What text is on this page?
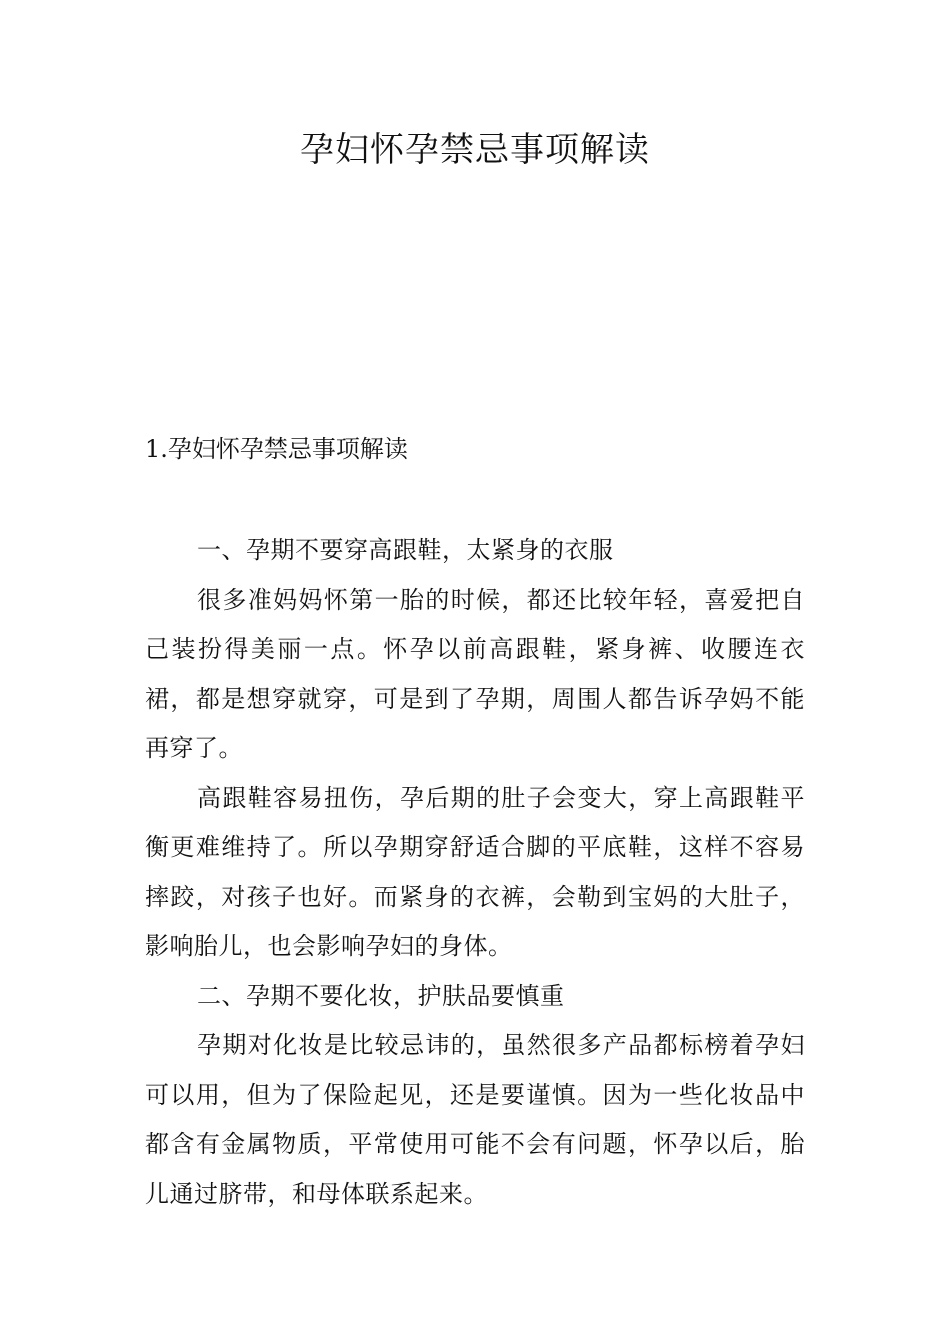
孕妇怀孕禁忌事项解读
1.孕妇怀孕禁忌事项解读

一、孕期不要穿高跟鞋，太紧身的衣服

很多准妈妈怀第一胎的时候，都还比较年轻，喜爱把自己装扮得美丽一点。怀孕以前高跟鞋，紧身裤、收腰连衣裙，都是想穿就穿，可是到了孕期，周围人都告诉孕妈不能再穿了。

高跟鞋容易扭伤，孕后期的肚子会变大，穿上高跟鞋平衡更难维持了。所以孕期穿舒适合脚的平底鞋，这样不容易摔跤，对孩子也好。而紧身的衣裤，会勒到宝妈的大肚子，影响胎儿，也会影响孕妇的身体。

二、孕期不要化妆，护肤品要慎重

孕期对化妆是比较忌讳的，虽然很多产品都标榜着孕妇可以用，但为了保险起见，还是要谨慎。因为一些化妆品中都含有金属物质，平常使用可能不会有问题，怀孕以后，胎儿通过脐带，和母体联系起来。
